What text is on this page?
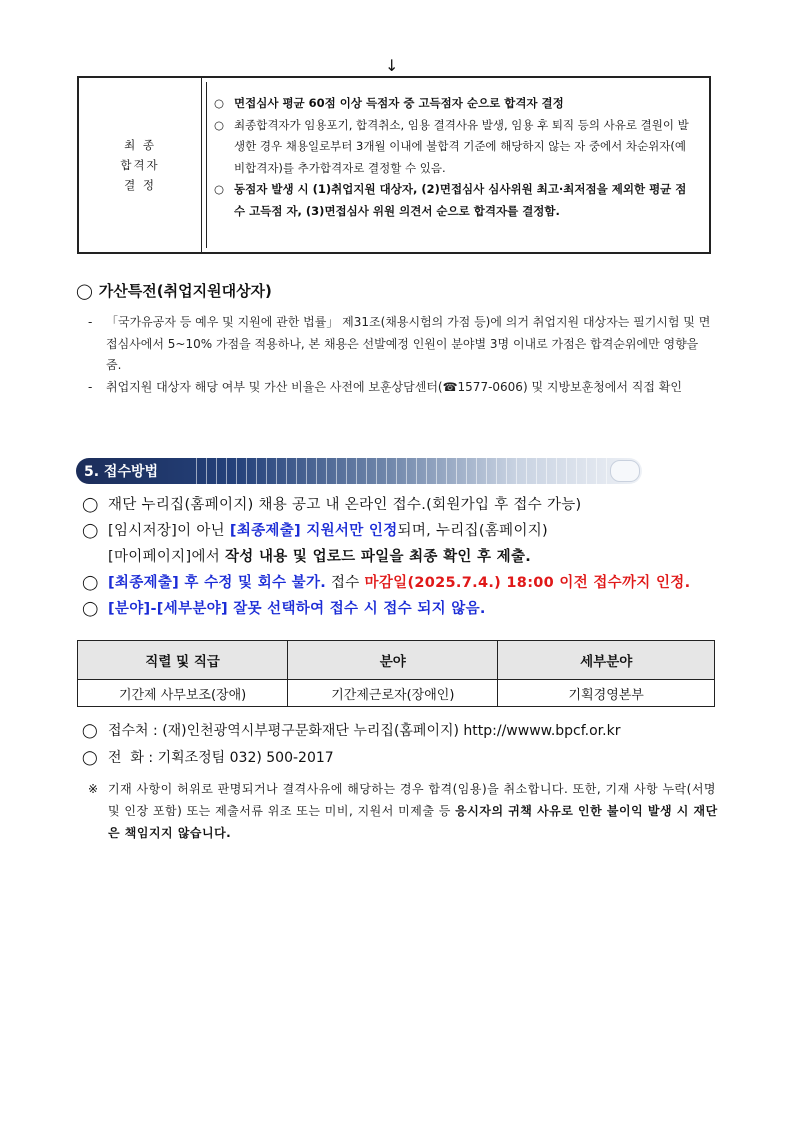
↓
최 종
합격자
결 정
○ 면접심사 평균 60점 이상 득점자 중 고득점자 순으로 합격자 결정
○ 최종합격자가 임용포기, 합격취소, 임용 결격사유 발생, 임용 후 퇴직 등의 사유로 결원이 발생한 경우 채용일로부터 3개월 이내에 불합격 기준에 해당하지 않는 자 중에서 차순위자(예비합격자)를 추가합격자로 결정할 수 있음.
○ 동점자 발생 시 (1)취업지원 대상자, (2)면접심사 심사위원 최고·최저점을 제외한 평균 점수 고득점 자, (3)면접심사 위원 의견서 순으로 합격자를 결정함.
◯ 가산특전(취업지원대상자)
- 「국가유공자 등 예우 및 지원에 관한 법률」 제31조(채용시험의 가점 등)에 의거 취업지원 대상자는 필기시험 및 면접심사에서 5~10% 가점을 적용하나, 본 채용은 선발예정 인원이 분야별 3명 이내로 가점은 합격순위에만 영향을 줌.
- 취업지원 대상자 해당 여부 및 가산 비율은 사전에 보훈상담센터(☎1577-0606) 및 지방보훈청에서 직접 확인
5. 접수방법
◯ 재단 누리집(홈페이지) 채용 공고 내 온라인 접수.(회원가입 후 접수 가능)
◯ [임시저장]이 아닌 [최종제출] 지원서만 인정되며, 누리집(홈페이지)
[마이페이지]에서 작성 내용 및 업로드 파일을 최종 확인 후 제출.
◯ [최종제출] 후 수정 및 회수 불가. 접수 마감일(2025.7.4.) 18:00 이전 접수까지 인정.
◯ [분야]-[세부분야] 잘못 선택하여 접수 시 접수 되지 않음.
직렬 및 직급	분야	세부분야
기간제 사무보조(장애)	기간제근로자(장애인)	기획경영본부
◯ 접수처 : (재)인천광역시부평구문화재단 누리집(홈페이지) http://wwww.bpcf.or.kr
◯ 전  화 : 기획조정팀 032) 500-2017
※ 기재 사항이 허위로 판명되거나 결격사유에 해당하는 경우 합격(임용)을 취소합니다. 또한, 기재 사항 누락(서명 및 인장 포함) 또는 제출서류 위조 또는 미비, 지원서 미제출 등 응시자의 귀책 사유로 인한 불이익 발생 시 재단은 책임지지 않습니다.
